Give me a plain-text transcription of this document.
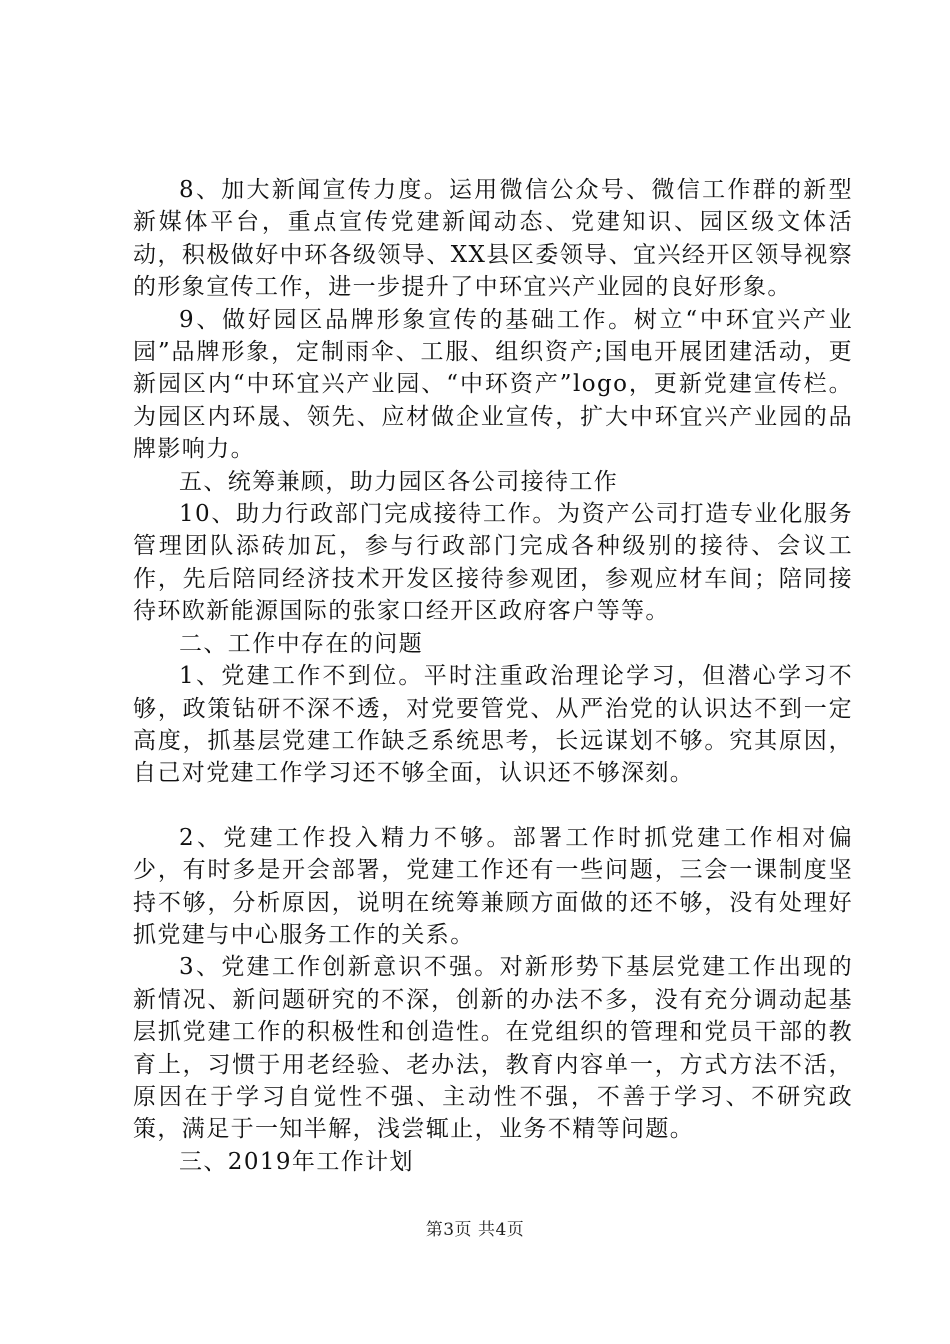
8、加大新闻宣传力度。运用微信公众号、微信工作群的新型新媒体平台，重点宣传党建新闻动态、党建知识、园区级文体活动，积极做好中环各级领导、XX县区委领导、宜兴经开区领导视察的形象宣传工作，进一步提升了中环宜兴产业园的良好形象。

9、做好园区品牌形象宣传的基础工作。树立“中环宜兴产业园”品牌形象，定制雨伞、工服、组织资产;国电开展团建活动，更新园区内“中环宜兴产业园、“中环资产”logo，更新党建宣传栏。为园区内环晟、领先、应材做企业宣传，扩大中环宜兴产业园的品牌影响力。

五、统筹兼顾，助力园区各公司接待工作

10、助力行政部门完成接待工作。为资产公司打造专业化服务管理团队添砖加瓦，参与行政部门完成各种级别的接待、会议工作，先后陪同经济技术开发区接待参观团，参观应材车间；陪同接待环欧新能源国际的张家口经开区政府客户等等。

二、工作中存在的问题

1、党建工作不到位。平时注重政治理论学习，但潜心学习不够，政策钻研不深不透，对党要管党、从严治党的认识达不到一定高度，抓基层党建工作缺乏系统思考，长远谋划不够。究其原因，自己对党建工作学习还不够全面，认识还不够深刻。

2、党建工作投入精力不够。部署工作时抓党建工作相对偏少，有时多是开会部署，党建工作还有一些问题，三会一课制度坚持不够，分析原因，说明在统筹兼顾方面做的还不够，没有处理好抓党建与中心服务工作的关系。

3、党建工作创新意识不强。对新形势下基层党建工作出现的新情况、新问题研究的不深，创新的办法不多，没有充分调动起基层抓党建工作的积极性和创造性。在党组织的管理和党员干部的教育上，习惯于用老经验、老办法，教育内容单一，方式方法不活，原因在于学习自觉性不强、主动性不强，不善于学习、不研究政策，满足于一知半解，浅尝辄止，业务不精等问题。

三、2019年工作计划

第3页 共4页
